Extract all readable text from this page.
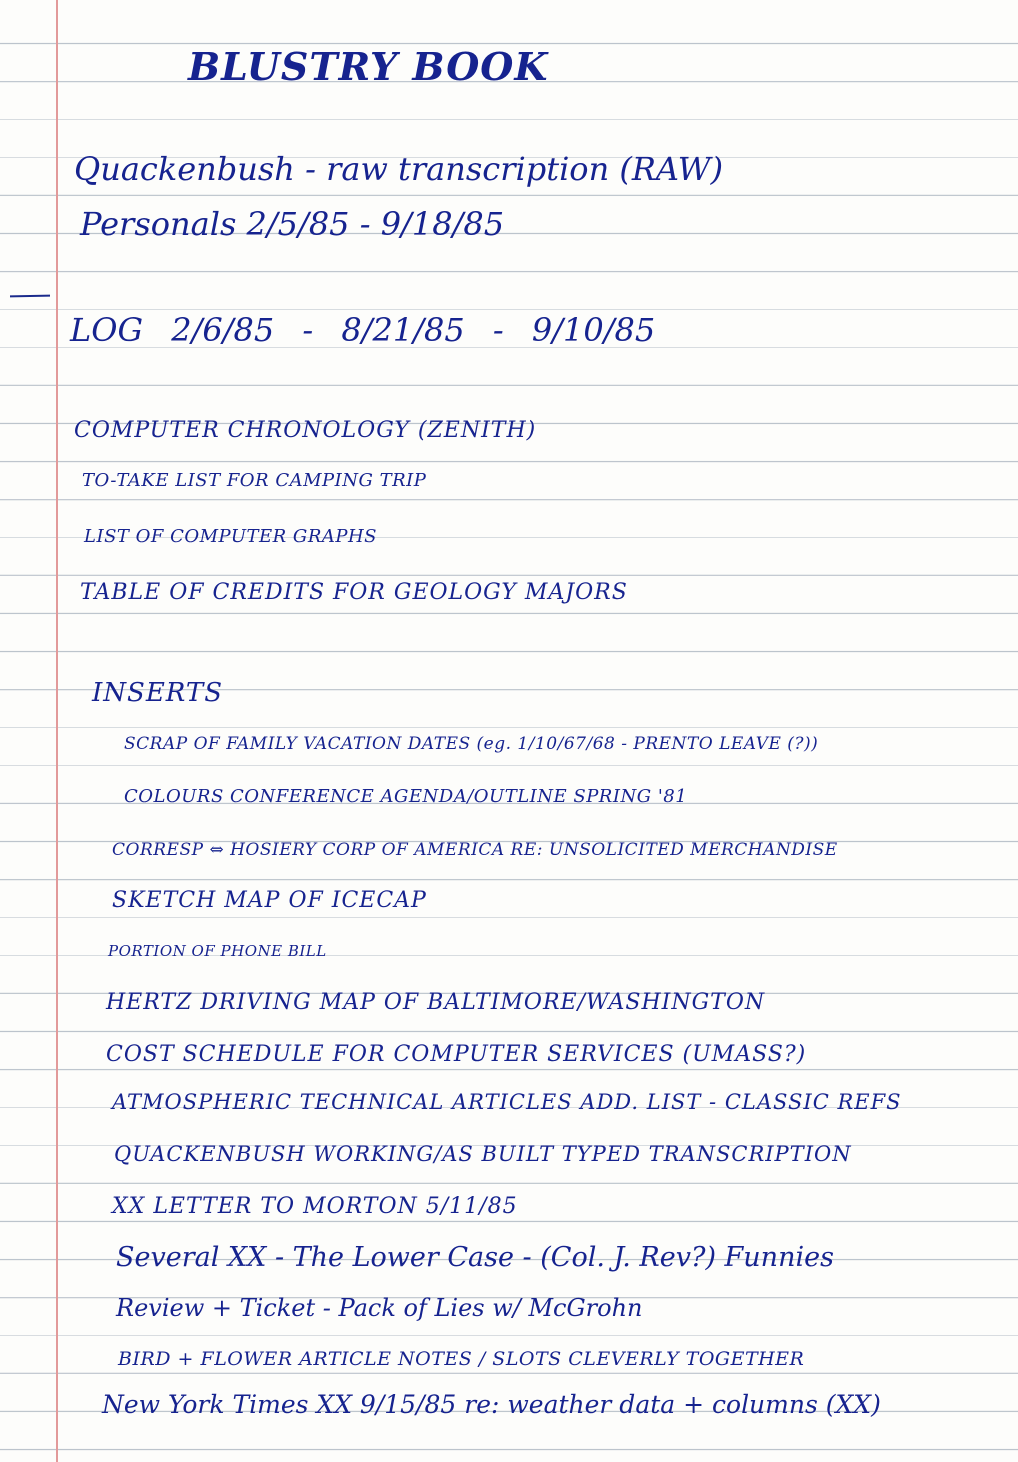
BLUSTRY BOOK

Quackenbush - raw transcription (RAW)

Personals 2/5/85 - 9/18/85

LOG 2/6/85 - 8/21/85 - 9/10/85

COMPUTER CHRONOLOGY (ZENITH)

TO-TAKE LIST FOR CAMPING TRIP

LIST OF COMPUTER GRAPHS

TABLE OF CREDITS FOR GEOLOGY MAJORS

INSERTS

SCRAP OF FAMILY VACATION DATES (eg. 1/10/67/68 - PRENTO LEAVE (?))

COLOURS CONFERENCE AGENDA/OUTLINE SPRING '81

CORRESP ⇔ HOSIERY CORP OF AMERICA RE: UNSOLICITED MERCHANDISE

SKETCH MAP OF ICECAP

PORTION OF PHONE BILL

HERTZ DRIVING MAP OF BALTIMORE/WASHINGTON

COST SCHEDULE FOR COMPUTER SERVICES (UMASS?)

ATMOSPHERIC TECHNICAL ARTICLES ADD. LIST - CLASSIC REFS

QUACKENBUSH WORKING/AS BUILT TYPED TRANSCRIPTION

XX LETTER TO MORTON 5/11/85

Several XX - The Lower Case - (Col. J. Rev?) Funnies

Review + Ticket - Pack of Lies w/ McGrohn

BIRD + FLOWER ARTICLE NOTES / SLOTS CLEVERLY TOGETHER

New York Times XX 9/15/85 re: weather data + columns (XX)
